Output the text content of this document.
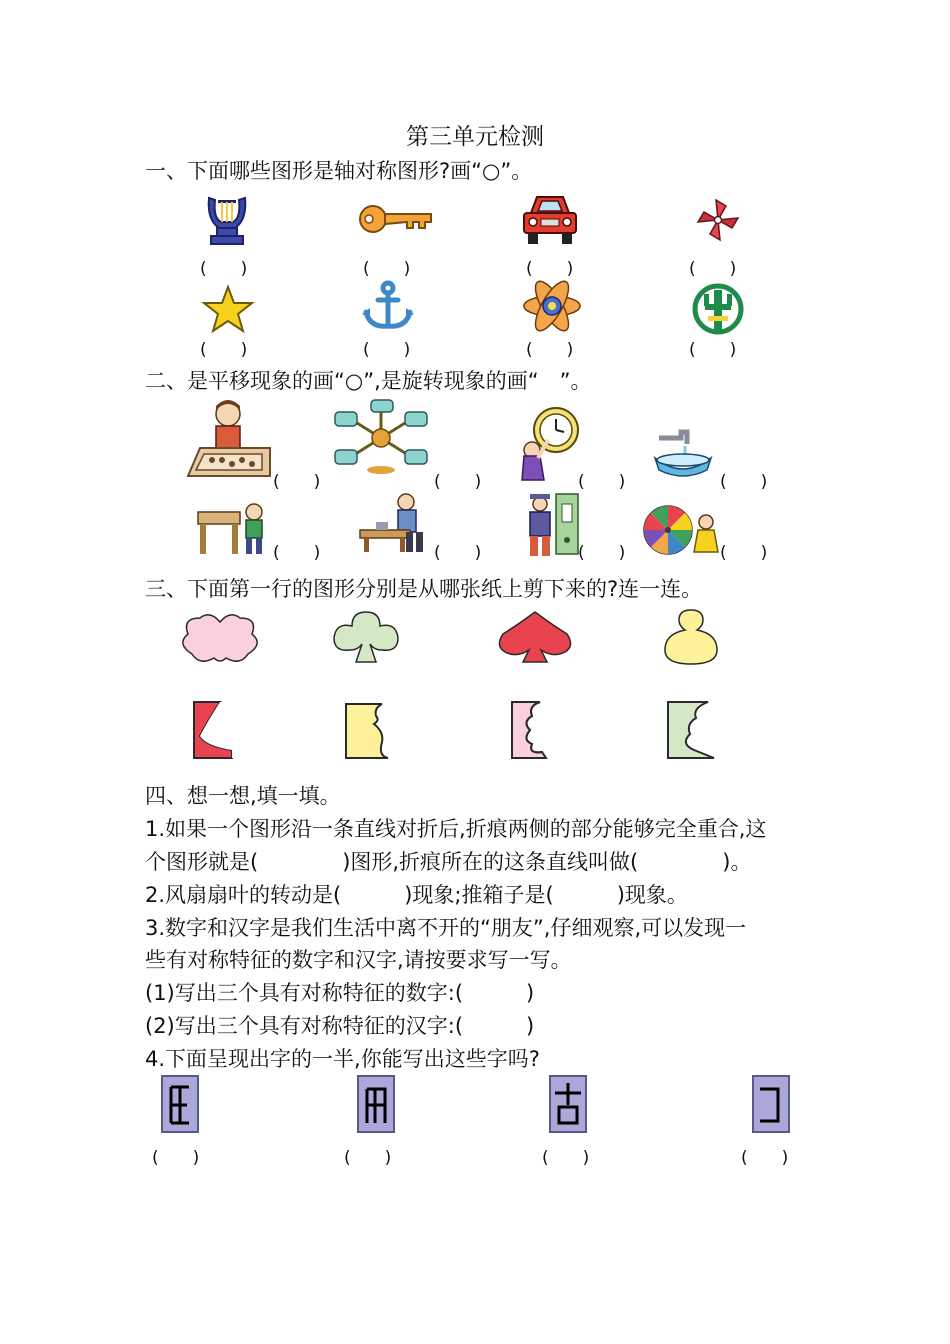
第三单元检测
一、下面哪些图形是轴对称图形?画“○”。
(　　)	(　　)	(　　)	(　　)
(　　)	(　　)	(　　)	(　　)
二、是平移现象的画“○”,是旋转现象的画“　”。
(　　)	(　　)	(　　)	(　　)
(　　)	(　　)	(　　)	(　　)
三、下面第一行的图形分别是从哪张纸上剪下来的?连一连。
四、想一想,填一填。
1.如果一个图形沿一条直线对折后,折痕两侧的部分能够完全重合,这
个图形就是(　　　　)图形,折痕所在的这条直线叫做(　　　　)。
2.风扇扇叶的转动是(　　　)现象;推箱子是(　　　)现象。
3.数字和汉字是我们生活中离不开的“朋友”,仔细观察,可以发现一
些有对称特征的数字和汉字,请按要求写一写。
(1)写出三个具有对称特征的数字:(　　　)
(2)写出三个具有对称特征的汉字:(　　　)
4.下面呈现出字的一半,你能写出这些字吗?
(　　)	(　　)	(　　)	(　　)
